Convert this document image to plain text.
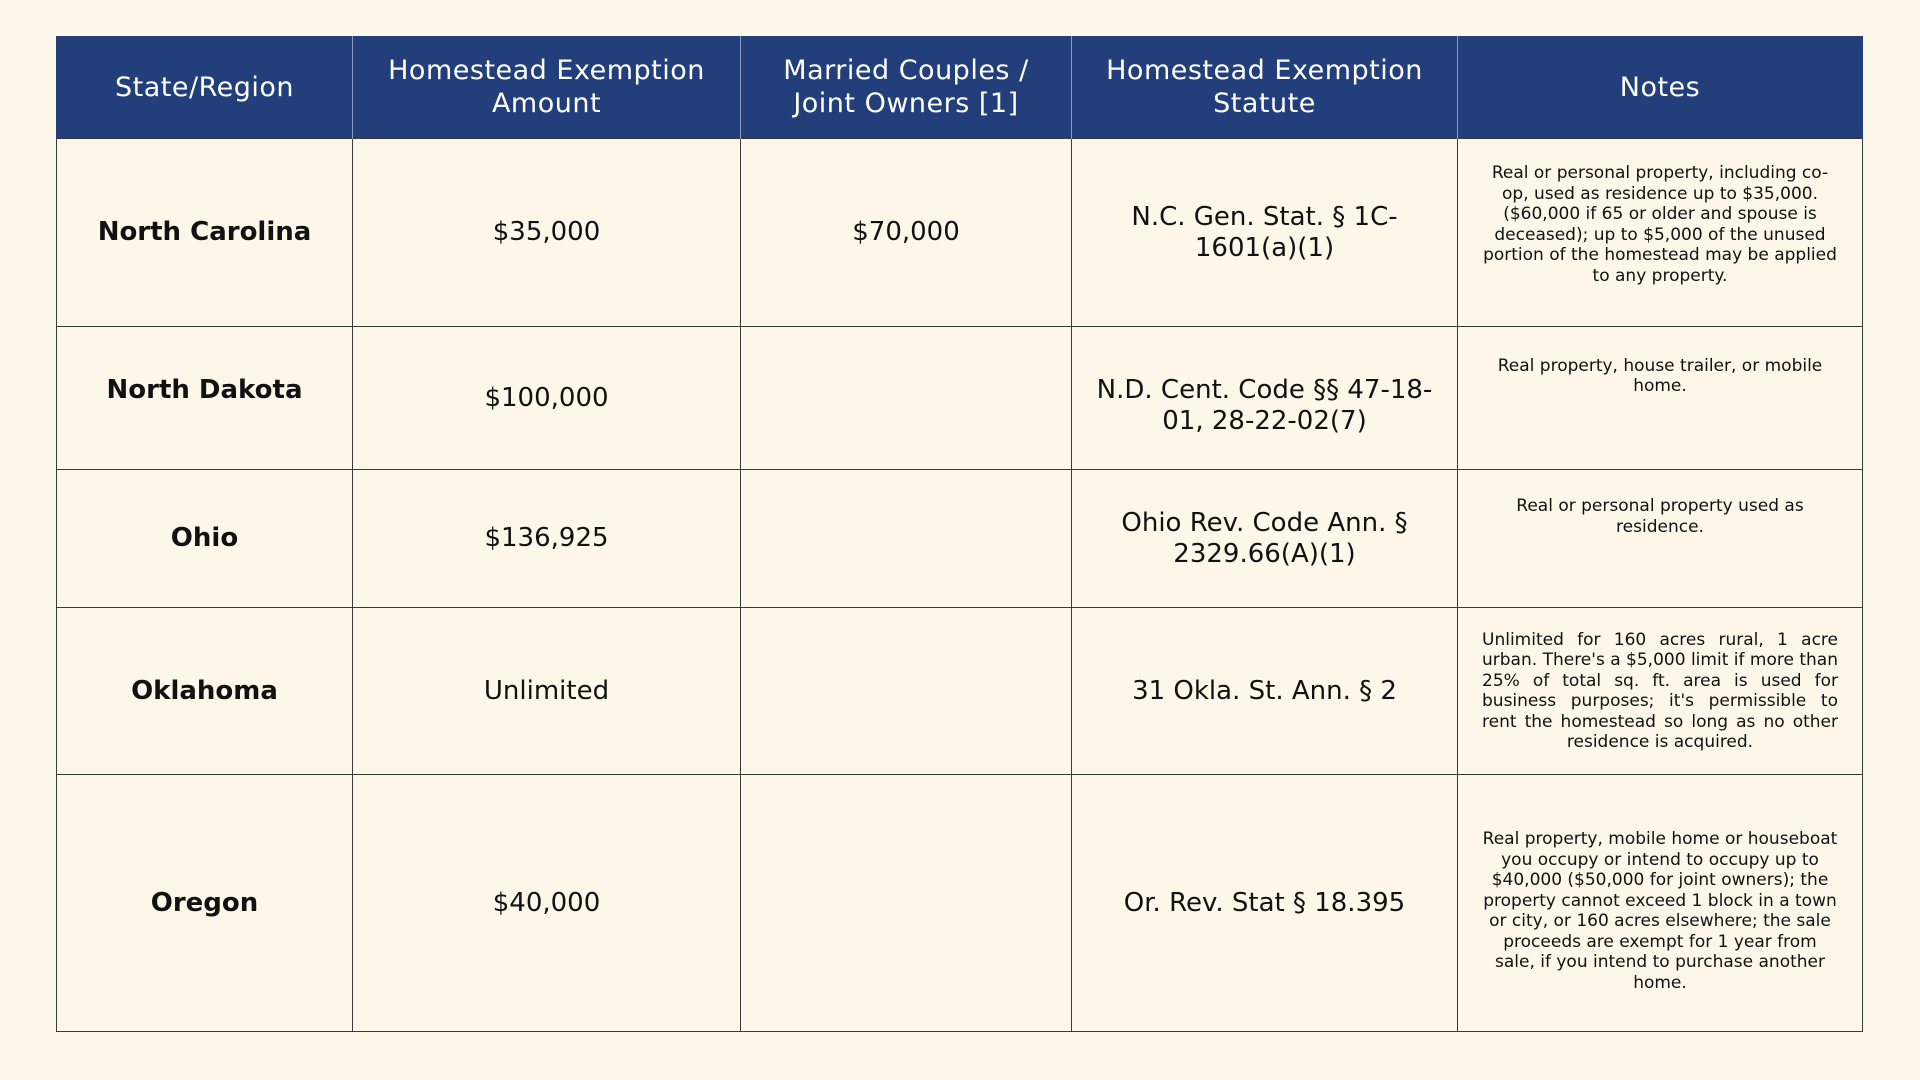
State/Region	Homestead Exemption Amount	Married Couples / Joint Owners [1]	Homestead Exemption Statute	Notes
North Carolina	$35,000	$70,000	N.C. Gen. Stat. § 1C-1601(a)(1)	Real or personal property, including co-op, used as residence up to $35,000. ($60,000 if 65 or older and spouse is deceased); up to $5,000 of the unused portion of the homestead may be applied to any property.

North Dakota	$100,000		N.D. Cent. Code §§ 47-18-01, 28-22-02(7)	Real property, house trailer, or mobile home.

Ohio	$136,925		Ohio Rev. Code Ann. § 2329.66(A)(1)	Real or personal property used as residence.

Oklahoma	Unlimited		31 Okla. St. Ann. § 2	Unlimited for 160 acres rural, 1 acre urban. There's a $5,000 limit if more than 25% of total sq. ft. area is used for business purposes; it's permissible to rent the homestead so long as no other residence is acquired.
Oregon	$40,000		Or. Rev. Stat § 18.395	Real property, mobile home or houseboat you occupy or intend to occupy up to $40,000 ($50,000 for joint owners); the property cannot exceed 1 block in a town or city, or 160 acres elsewhere; the sale proceeds are exempt for 1 year from sale, if you intend to purchase another home.
